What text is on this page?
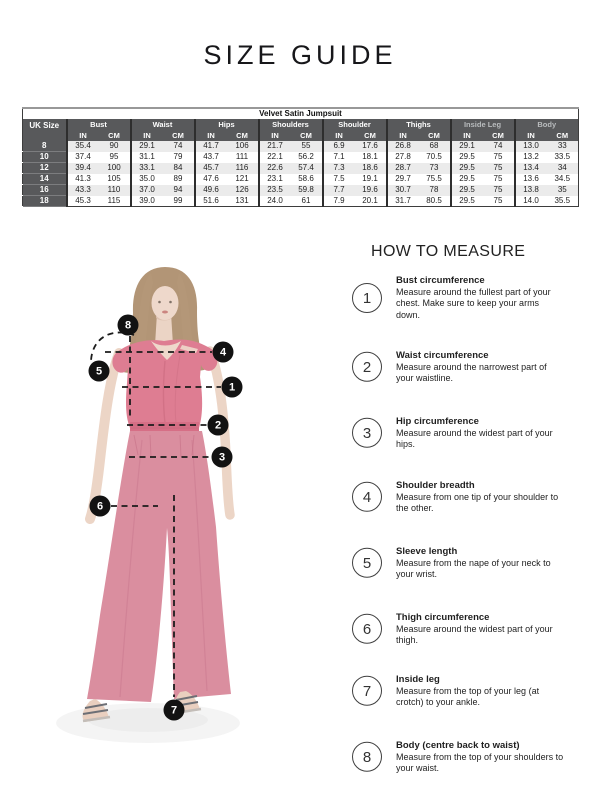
SIZE GUIDE
Velvet Satin Jumpsuit																
UK Size	Bust		Waist		Hips		Shoulders		Shoulder		Thighs		Inside Leg		Body	
	IN	CM	IN	CM	IN	CM	IN	CM	IN	CM	IN	CM	IN	CM	IN	CM
8	35.4	90	29.1	74	41.7	106	21.7	55	6.9	17.6	26.8	68	29.1	74	13.0	33
10	37.4	95	31.1	79	43.7	111	22.1	56.2	7.1	18.1	27.8	70.5	29.5	75	13.2	33.5
12	39.4	100	33.1	84	45.7	116	22.6	57.4	7.3	18.6	28.7	73	29.5	75	13.4	34
14	41.3	105	35.0	89	47.6	121	23.1	58.6	7.5	19.1	29.7	75.5	29.5	75	13.6	34.5
16	43.3	110	37.0	94	49.6	126	23.5	59.8	7.7	19.6	30.7	78	29.5	75	13.8	35
18	45.3	115	39.0	99	51.6	131	24.0	61	7.9	20.1	31.7	80.5	29.5	75	14.0	35.5
1
2
3
4
5
6
7
8
HOW TO MEASURE
1
Bust circumference
Measure around the fullest part of your chest. Make sure to keep your arms down.
2
Waist circumference
Measure around the narrowest part of your waistline.
3
Hip circumference
Measure around the widest part of your hips.
4
Shoulder breadth
Measure from one tip of your shoulder to the other.
5
Sleeve length
Measure from the nape of your neck to your wrist.
6
Thigh circumference
Measure around the widest part of your thigh.
7
Inside leg
Measure from the top of your leg (at crotch) to your ankle.
8
Body (centre back to waist)
Measure from the top of your shoulders to your waist.
